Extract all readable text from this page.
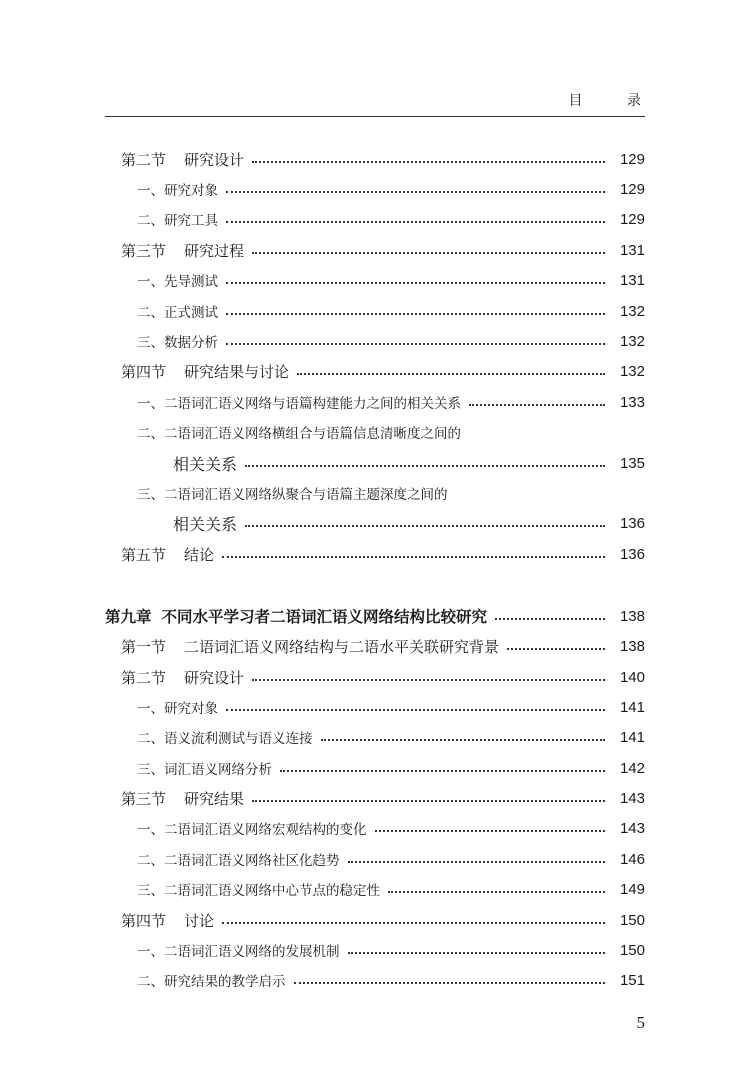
目 录
第二节 研究设计	129
一、研究对象	129
二、研究工具	129
第三节 研究过程	131
一、先导测试	131
二、正式测试	132
三、数据分析	132
第四节 研究结果与讨论	132
一、二语词汇语义网络与语篇构建能力之间的相关关系	133
二、二语词汇语义网络横组合与语篇信息清晰度之间的
相关关系	135
三、二语词汇语义网络纵聚合与语篇主题深度之间的
相关关系	136
第五节 结论	136
第九章 不同水平学习者二语词汇语义网络结构比较研究	138
第一节 二语词汇语义网络结构与二语水平关联研究背景	138
第二节 研究设计	140
一、研究对象	141
二、语义流利测试与语义连接	141
三、词汇语义网络分析	142
第三节 研究结果	143
一、二语词汇语义网络宏观结构的变化	143
二、二语词汇语义网络社区化趋势	146
三、二语词汇语义网络中心节点的稳定性	149
第四节 讨论	150
一、二语词汇语义网络的发展机制	150
二、研究结果的教学启示	151
5
